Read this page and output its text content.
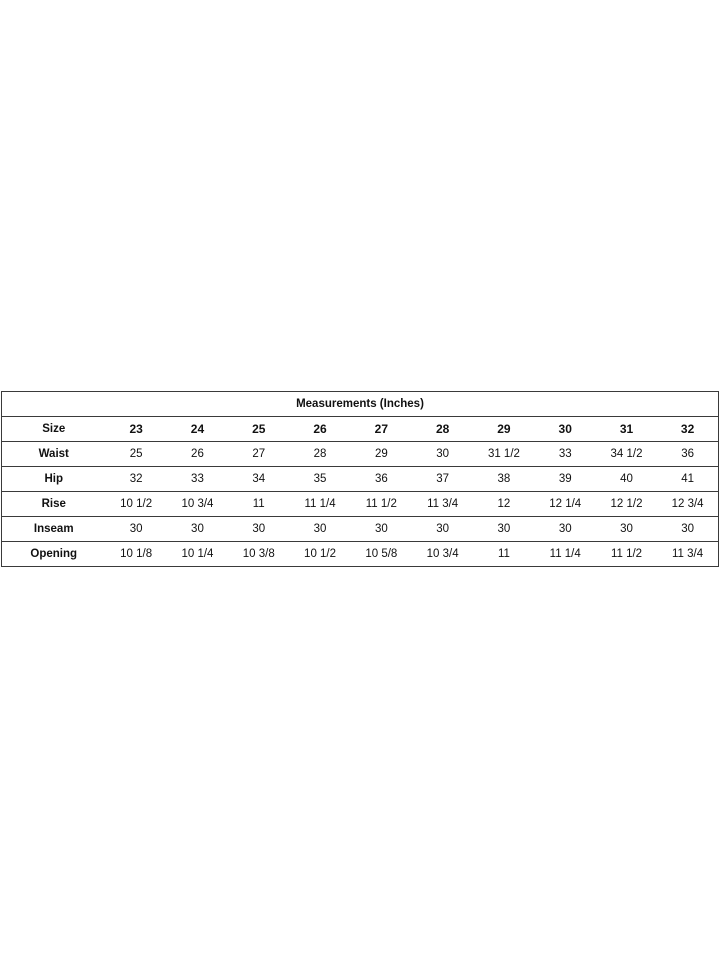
Measurements (Inches)										
Size	23	24	25	26	27	28	29	30	31	32
Waist	25	26	27	28	29	30	31 1/2	33	34 1/2	36
Hip	32	33	34	35	36	37	38	39	40	41
Rise	10 1/2	10 3/4	11	11 1/4	11 1/2	11 3/4	12	12 1/4	12 1/2	12 3/4
Inseam	30	30	30	30	30	30	30	30	30	30
Opening	10 1/8	10 1/4	10 3/8	10 1/2	10 5/8	10 3/4	11	11 1/4	11 1/2	11 3/4
